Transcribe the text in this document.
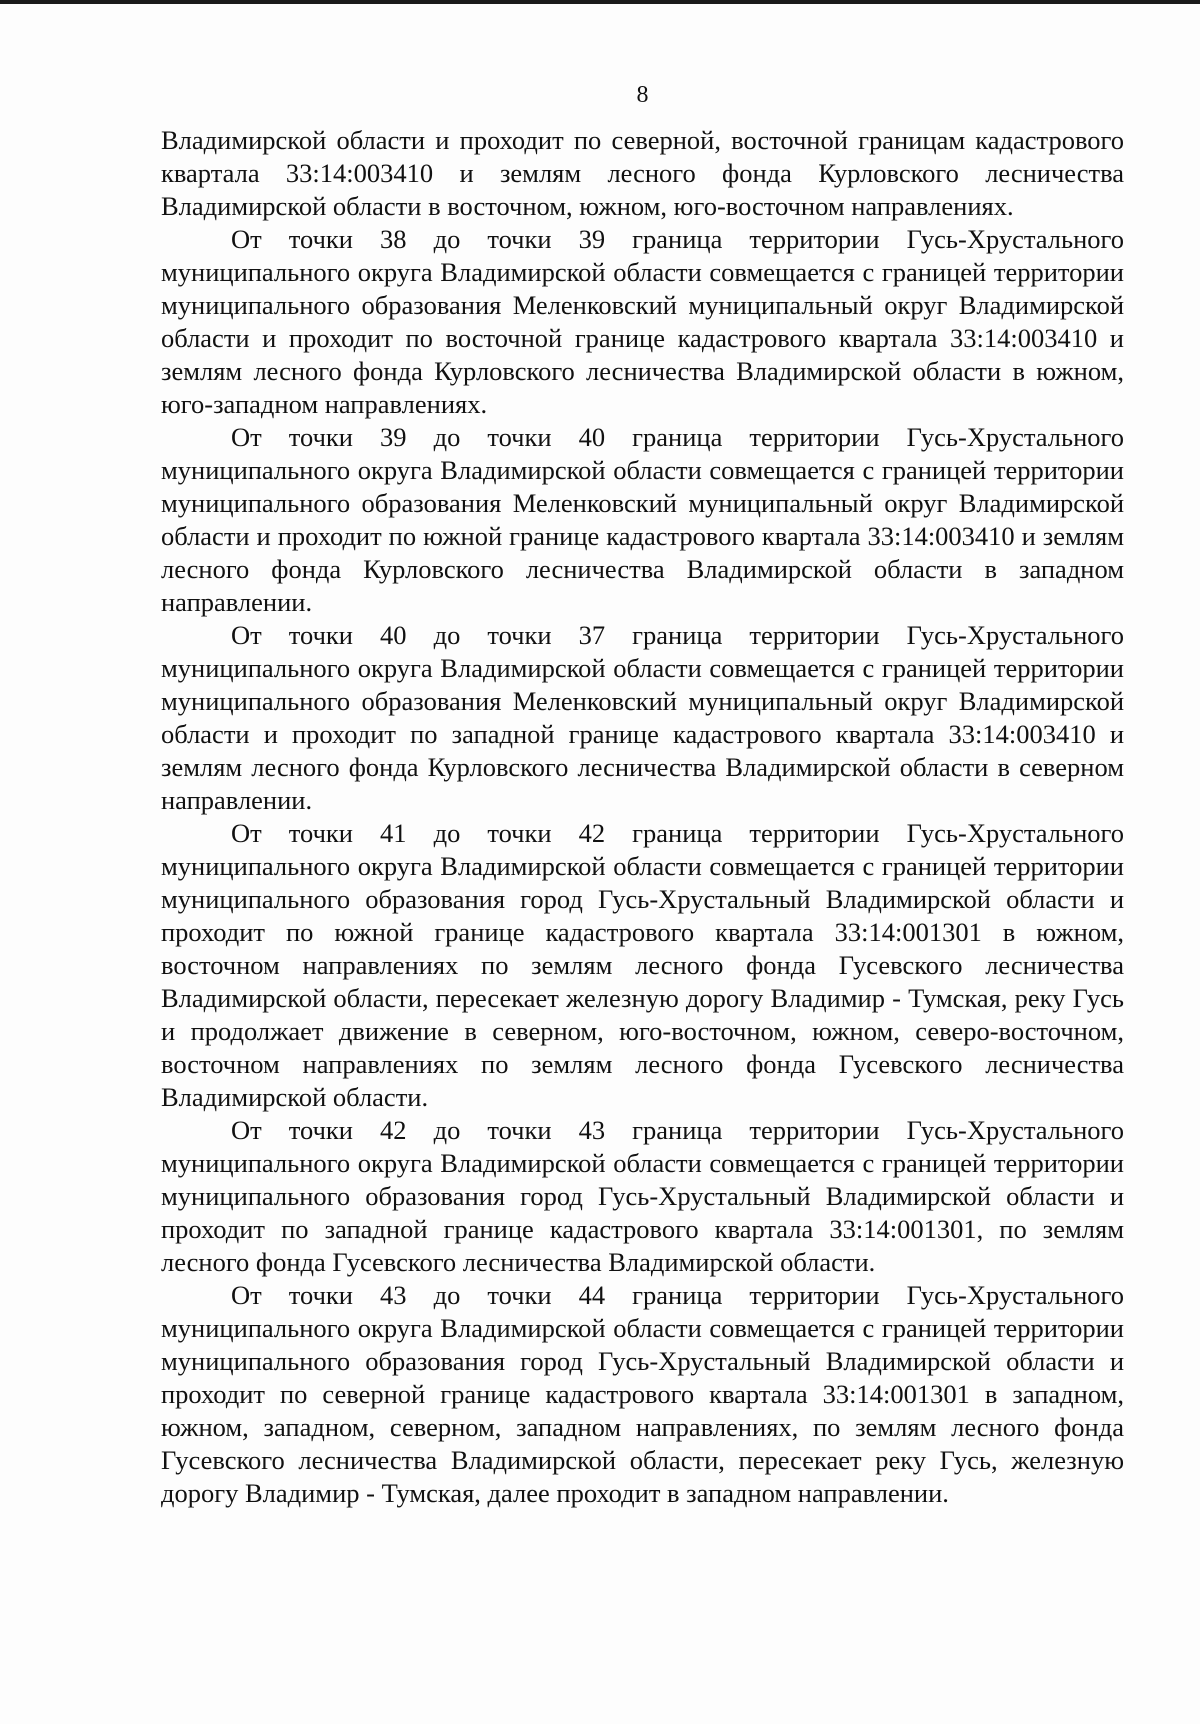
8

Владимирской области и проходит по северной, восточной границам кадастрового квартала 33:14:003410 и землям лесного фонда Курловского лесничества Владимирской области в восточном, южном, юго-восточном направлениях.

От точки 38 до точки 39 граница территории Гусь-Хрустального муниципального округа Владимирской области совмещается с границей территории муниципального образования Меленковский муниципальный округ Владимирской области и проходит по восточной границе кадастрового квартала 33:14:003410 и землям лесного фонда Курловского лесничества Владимирской области в южном, юго-западном направлениях.

От точки 39 до точки 40 граница территории Гусь-Хрустального муниципального округа Владимирской области совмещается с границей территории муниципального образования Меленковский муниципальный округ Владимирской области и проходит по южной границе кадастрового квартала 33:14:003410 и землям лесного фонда Курловского лесничества Владимирской области в западном направлении.

От точки 40 до точки 37 граница территории Гусь-Хрустального муниципального округа Владимирской области совмещается с границей территории муниципального образования Меленковский муниципальный округ Владимирской области и проходит по западной границе кадастрового квартала 33:14:003410 и землям лесного фонда Курловского лесничества Владимирской области в северном направлении.

От точки 41 до точки 42 граница территории Гусь-Хрустального муниципального округа Владимирской области совмещается с границей территории муниципального образования город Гусь-Хрустальный Владимирской области и проходит по южной границе кадастрового квартала 33:14:001301 в южном, восточном направлениях по землям лесного фонда Гусевского лесничества Владимирской области, пересекает железную дорогу Владимир - Тумская, реку Гусь и продолжает движение в северном, юго-восточном, южном, северо-восточном, восточном направлениях по землям лесного фонда Гусевского лесничества Владимирской области.

От точки 42 до точки 43 граница территории Гусь-Хрустального муниципального округа Владимирской области совмещается с границей территории муниципального образования город Гусь-Хрустальный Владимирской области и проходит по западной границе кадастрового квартала 33:14:001301, по землям лесного фонда Гусевского лесничества Владимирской области.

От точки 43 до точки 44 граница территории Гусь-Хрустального муниципального округа Владимирской области совмещается с границей территории муниципального образования город Гусь-Хрустальный Владимирской области и проходит по северной границе кадастрового квартала 33:14:001301 в западном, южном, западном, северном, западном направлениях, по землям лесного фонда Гусевского лесничества Владимирской области, пересекает реку Гусь, железную дорогу Владимир - Тумская, далее проходит в западном направлении.
